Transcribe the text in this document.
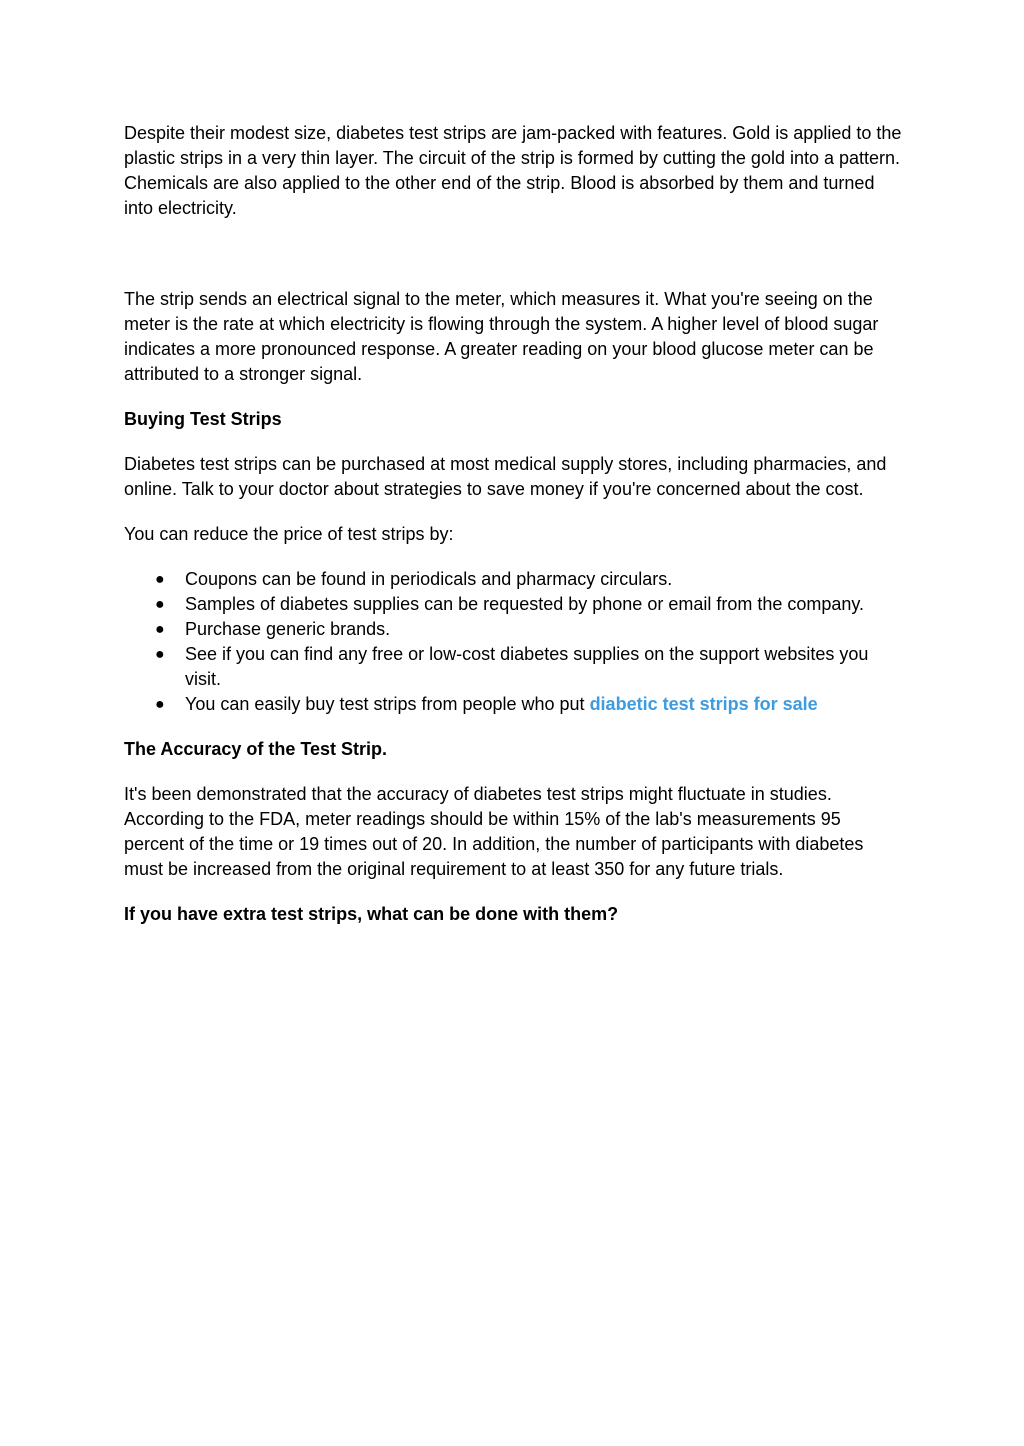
Despite their modest size, diabetes test strips are jam-packed with features. Gold is applied to the plastic strips in a very thin layer. The circuit of the strip is formed by cutting the gold into a pattern. Chemicals are also applied to the other end of the strip. Blood is absorbed by them and turned into electricity.

The strip sends an electrical signal to the meter, which measures it. What you're seeing on the meter is the rate at which electricity is flowing through the system. A higher level of blood sugar indicates a more pronounced response. A greater reading on your blood glucose meter can be attributed to a stronger signal.

Buying Test Strips

Diabetes test strips can be purchased at most medical supply stores, including pharmacies, and online. Talk to your doctor about strategies to save money if you're concerned about the cost.

You can reduce the price of test strips by:

● Coupons can be found in periodicals and pharmacy circulars.
● Samples of diabetes supplies can be requested by phone or email from the company.
● Purchase generic brands.
● See if you can find any free or low-cost diabetes supplies on the support websites you visit.
● You can easily buy test strips from people who put diabetic test strips for sale

The Accuracy of the Test Strip.

It's been demonstrated that the accuracy of diabetes test strips might fluctuate in studies. According to the FDA, meter readings should be within 15% of the lab's measurements 95 percent of the time or 19 times out of 20. In addition, the number of participants with diabetes must be increased from the original requirement to at least 350 for any future trials.

If you have extra test strips, what can be done with them?
